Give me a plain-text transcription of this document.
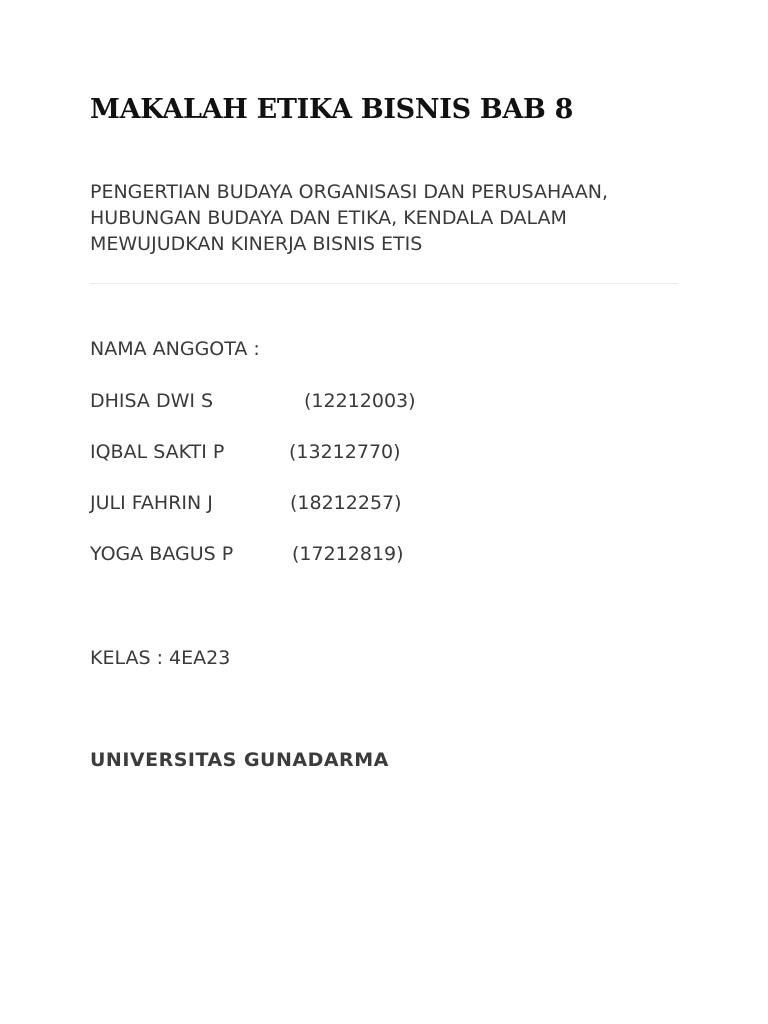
MAKALAH ETIKA BISNIS BAB 8
PENGERTIAN BUDAYA ORGANISASI DAN PERUSAHAAN,
HUBUNGAN BUDAYA DAN ETIKA, KENDALA DALAM
MEWUJUDKAN KINERJA BISNIS ETIS

NAMA ANGGOTA :

DHISA DWI S	(12212003)

IQBAL SAKTI P	(13212770)

JULI FAHRIN J	(18212257)

YOGA BAGUS P	(17212819)

KELAS : 4EA23

UNIVERSITAS GUNADARMA
